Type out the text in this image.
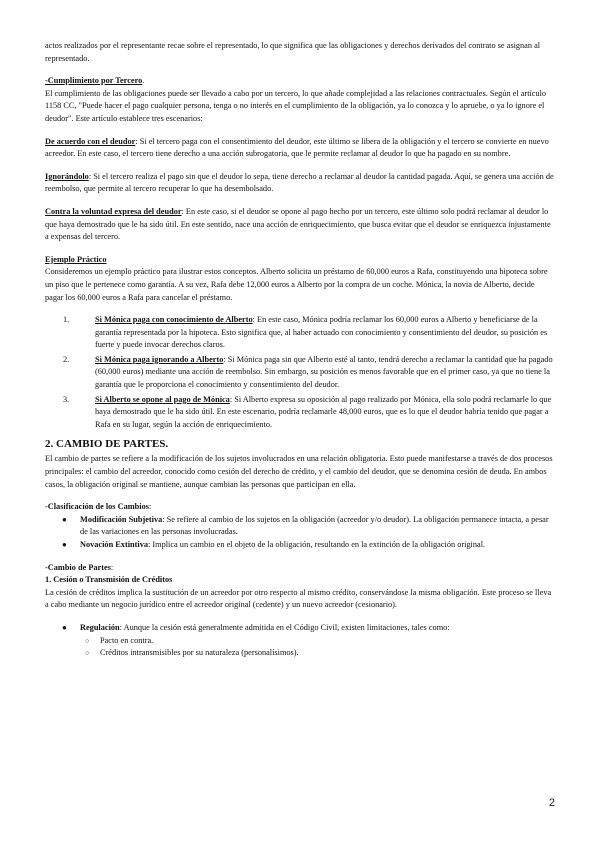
actos realizados por el representante recae sobre el representado, lo que significa que las obligaciones y derechos derivados del contrato se asignan al representado.

-Cumplimiento por Tercero.

El cumplimiento de las obligaciones puede ser llevado a cabo por un tercero, lo que añade complejidad a las relaciones contractuales. Según el artículo 1158 CC, "Puede hacer el pago cualquier persona, tenga o no interés en el cumplimiento de la obligación, ya lo conozca y lo apruebe, o ya lo ignore el deudor". Este artículo establece tres escenarios:

De acuerdo con el deudor: Si el tercero paga con el consentimiento del deudor, este último se libera de la obligación y el tercero se convierte en nuevo acreedor. En este caso, el tercero tiene derecho a una acción subrogatoria, que le permite reclamar al deudor lo que ha pagado en su nombre.

Ignorándolo: Si el tercero realiza el pago sin que el deudor lo sepa, tiene derecho a reclamar al deudor la cantidad pagada. Aquí, se genera una acción de reembolso, que permite al tercero recuperar lo que ha desembolsado.

Contra la voluntad expresa del deudor: En este caso, si el deudor se opone al pago hecho por un tercero, este último solo podrá reclamar al deudor lo que haya demostrado que le ha sido útil. En este sentido, nace una acción de enriquecimiento, que busca evitar que el deudor se enriquezca injustamente a expensas del tercero.

Ejemplo Práctico

Consideremos un ejemplo práctico para ilustrar estos conceptos. Alberto solicita un préstamo de 60,000 euros a Rafa, constituyendo una hipoteca sobre un piso que le pertenece como garantía. A su vez, Rafa debe 12,000 euros a Alberto por la compra de un coche. Mónica, la novia de Alberto, decide pagar los 60,000 euros a Rafa para cancelar el préstamo.

1.	Si Mónica paga con conocimiento de Alberto: En este caso, Mónica podría reclamar los 60,000 euros a Alberto y beneficiarse de la garantía representada por la hipoteca. Esto significa que, al haber actuado con conocimiento y consentimiento del deudor, su posición es fuerte y puede invocar derechos claros.
2.	Si Mónica paga ignorando a Alberto: Si Mónica paga sin que Alberto esté al tanto, tendrá derecho a reclamar la cantidad que ha pagado (60,000 euros) mediante una acción de reembolso. Sin embargo, su posición es menos favorable que en el primer caso, ya que no tiene la garantía que le proporciona el conocimiento y consentimiento del deudor.
3.	Si Alberto se opone al pago de Mónica: Si Alberto expresa su oposición al pago realizado por Mónica, ella solo podrá reclamarle lo que haya demostrado que le ha sido útil. En este escenario, podría reclamarle 48,000 euros, que es lo que el deudor habría tenido que pagar a Rafa en su lugar, según la acción de enriquecimiento.
2. CAMBIO DE PARTES.

El cambio de partes se refiere a la modificación de los sujetos involucrados en una relación obligatoria. Esto puede manifestarse a través de dos procesos principales: el cambio del acreedor, conocido como cesión del derecho de crédito, y el cambio del deudor, que se denomina cesión de deuda. En ambos casos, la obligación original se mantiene, aunque cambian las personas que participan en ella.

-Clasificación de los Cambios:

● Modificación Subjetiva: Se refiere al cambio de los sujetos en la obligación (acreedor y/o deudor). La obligación permanece intacta, a pesar de las variaciones en las personas involucradas.
● Novación Extintiva: Implica un cambio en el objeto de la obligación, resultando en la extinción de la obligación original.

-Cambio de Partes:

1. Cesión o Transmisión de Créditos

La cesión de créditos implica la sustitución de un acreedor por otro respecto al mismo crédito, conservándose la misma obligación. Este proceso se lleva a cabo mediante un negocio jurídico entre el acreedor original (cedente) y un nuevo acreedor (cesionario).

● Regulación: Aunque la cesión está generalmente admitida en el Código Civil, existen limitaciones, tales como:
○ Pacto en contra.
○ Créditos intransmisibles por su naturaleza (personalísimos).
2
